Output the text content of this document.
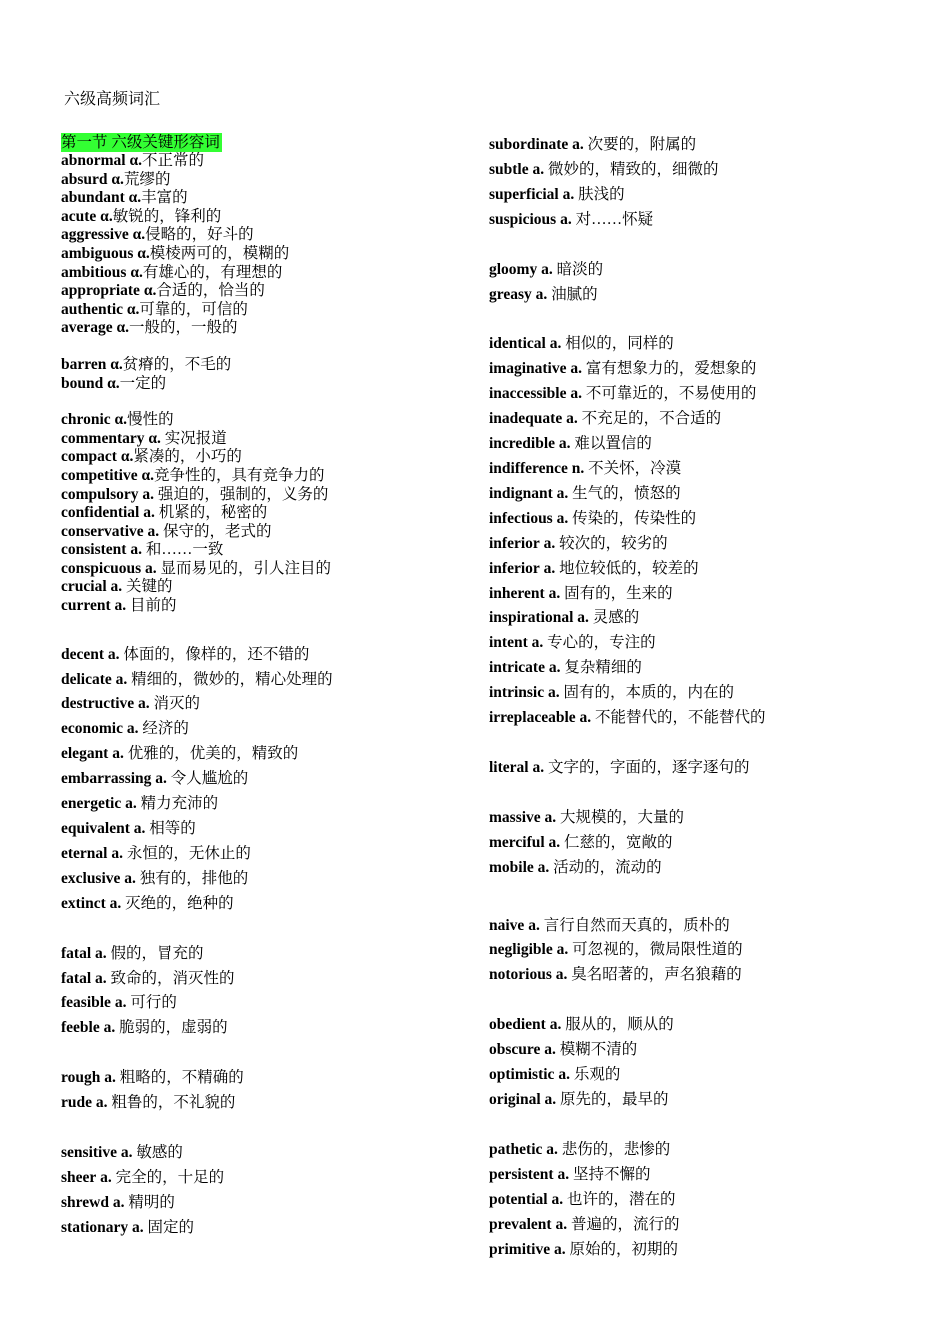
六级高频词汇
第一节 六级关键形容词
abnormal α.不正常的
absurd α.荒缪的
abundant α.丰富的
acute α.敏锐的，锋利的
aggressive α.侵略的，好斗的
ambiguous α.模棱两可的，模糊的
ambitious α.有雄心的，有理想的
appropriate α.合适的，恰当的
authentic α.可靠的，可信的
average α.一般的，一般的
barren α.贫瘠的，不毛的
bound α.一定的
chronic α.慢性的
commentary α. 实况报道
compact α.紧凑的，小巧的
competitive α.竞争性的，具有竞争力的
compulsory a. 强迫的，强制的，义务的
confidential a. 机紧的，秘密的
conservative a. 保守的，老式的
consistent a. 和……一致
conspicuous a. 显而易见的，引人注目的
crucial a. 关键的
current a. 目前的
decent a. 体面的，像样的，还不错的
delicate a. 精细的，微妙的，精心处理的
destructive a. 消灭的
economic a. 经济的
elegant a. 优雅的，优美的，精致的
embarrassing a. 令人尴尬的
energetic a. 精力充沛的
equivalent a. 相等的
eternal a. 永恒的，无休止的
exclusive a. 独有的，排他的
extinct a. 灭绝的，绝种的
fatal a. 假的，冒充的
fatal a. 致命的，消灭性的
feasible a. 可行的
feeble a. 脆弱的，虚弱的
rough a. 粗略的，不精确的
rude a. 粗鲁的，不礼貌的
sensitive a. 敏感的
sheer a. 完全的，十足的
shrewd a. 精明的
stationary a. 固定的
subordinate a. 次要的，附属的
subtle a. 微妙的，精致的，细微的
superficial a. 肤浅的
suspicious a. 对……怀疑
gloomy a. 暗淡的
greasy a. 油腻的
identical a. 相似的，同样的
imaginative a. 富有想象力的，爱想象的
inaccessible a. 不可靠近的，不易使用的
inadequate a. 不充足的，不合适的
incredible a. 难以置信的
indifference n. 不关怀，冷漠
indignant a. 生气的，愤怒的
infectious a. 传染的，传染性的
inferior a. 较次的，较劣的
inferior a. 地位较低的，较差的
inherent a. 固有的，生来的
inspirational a. 灵感的
intent a. 专心的，专注的
intricate a. 复杂精细的
intrinsic a. 固有的，本质的，内在的
irreplaceable a. 不能替代的，不能替代的
literal a. 文字的，字面的，逐字逐句的
massive a. 大规模的，大量的
merciful a. 仁慈的，宽敞的
mobile a. 活动的，流动的
naive a. 言行自然而天真的，质朴的
negligible a. 可忽视的，微局限性道的
notorious a. 臭名昭著的，声名狼藉的
obedient a. 服从的，顺从的
obscure a. 模糊不清的
optimistic a. 乐观的
original a. 原先的，最早的
pathetic a. 悲伤的，悲惨的
persistent a. 坚持不懈的
potential a. 也许的，潜在的
prevalent a. 普遍的，流行的
primitive a. 原始的，初期的
